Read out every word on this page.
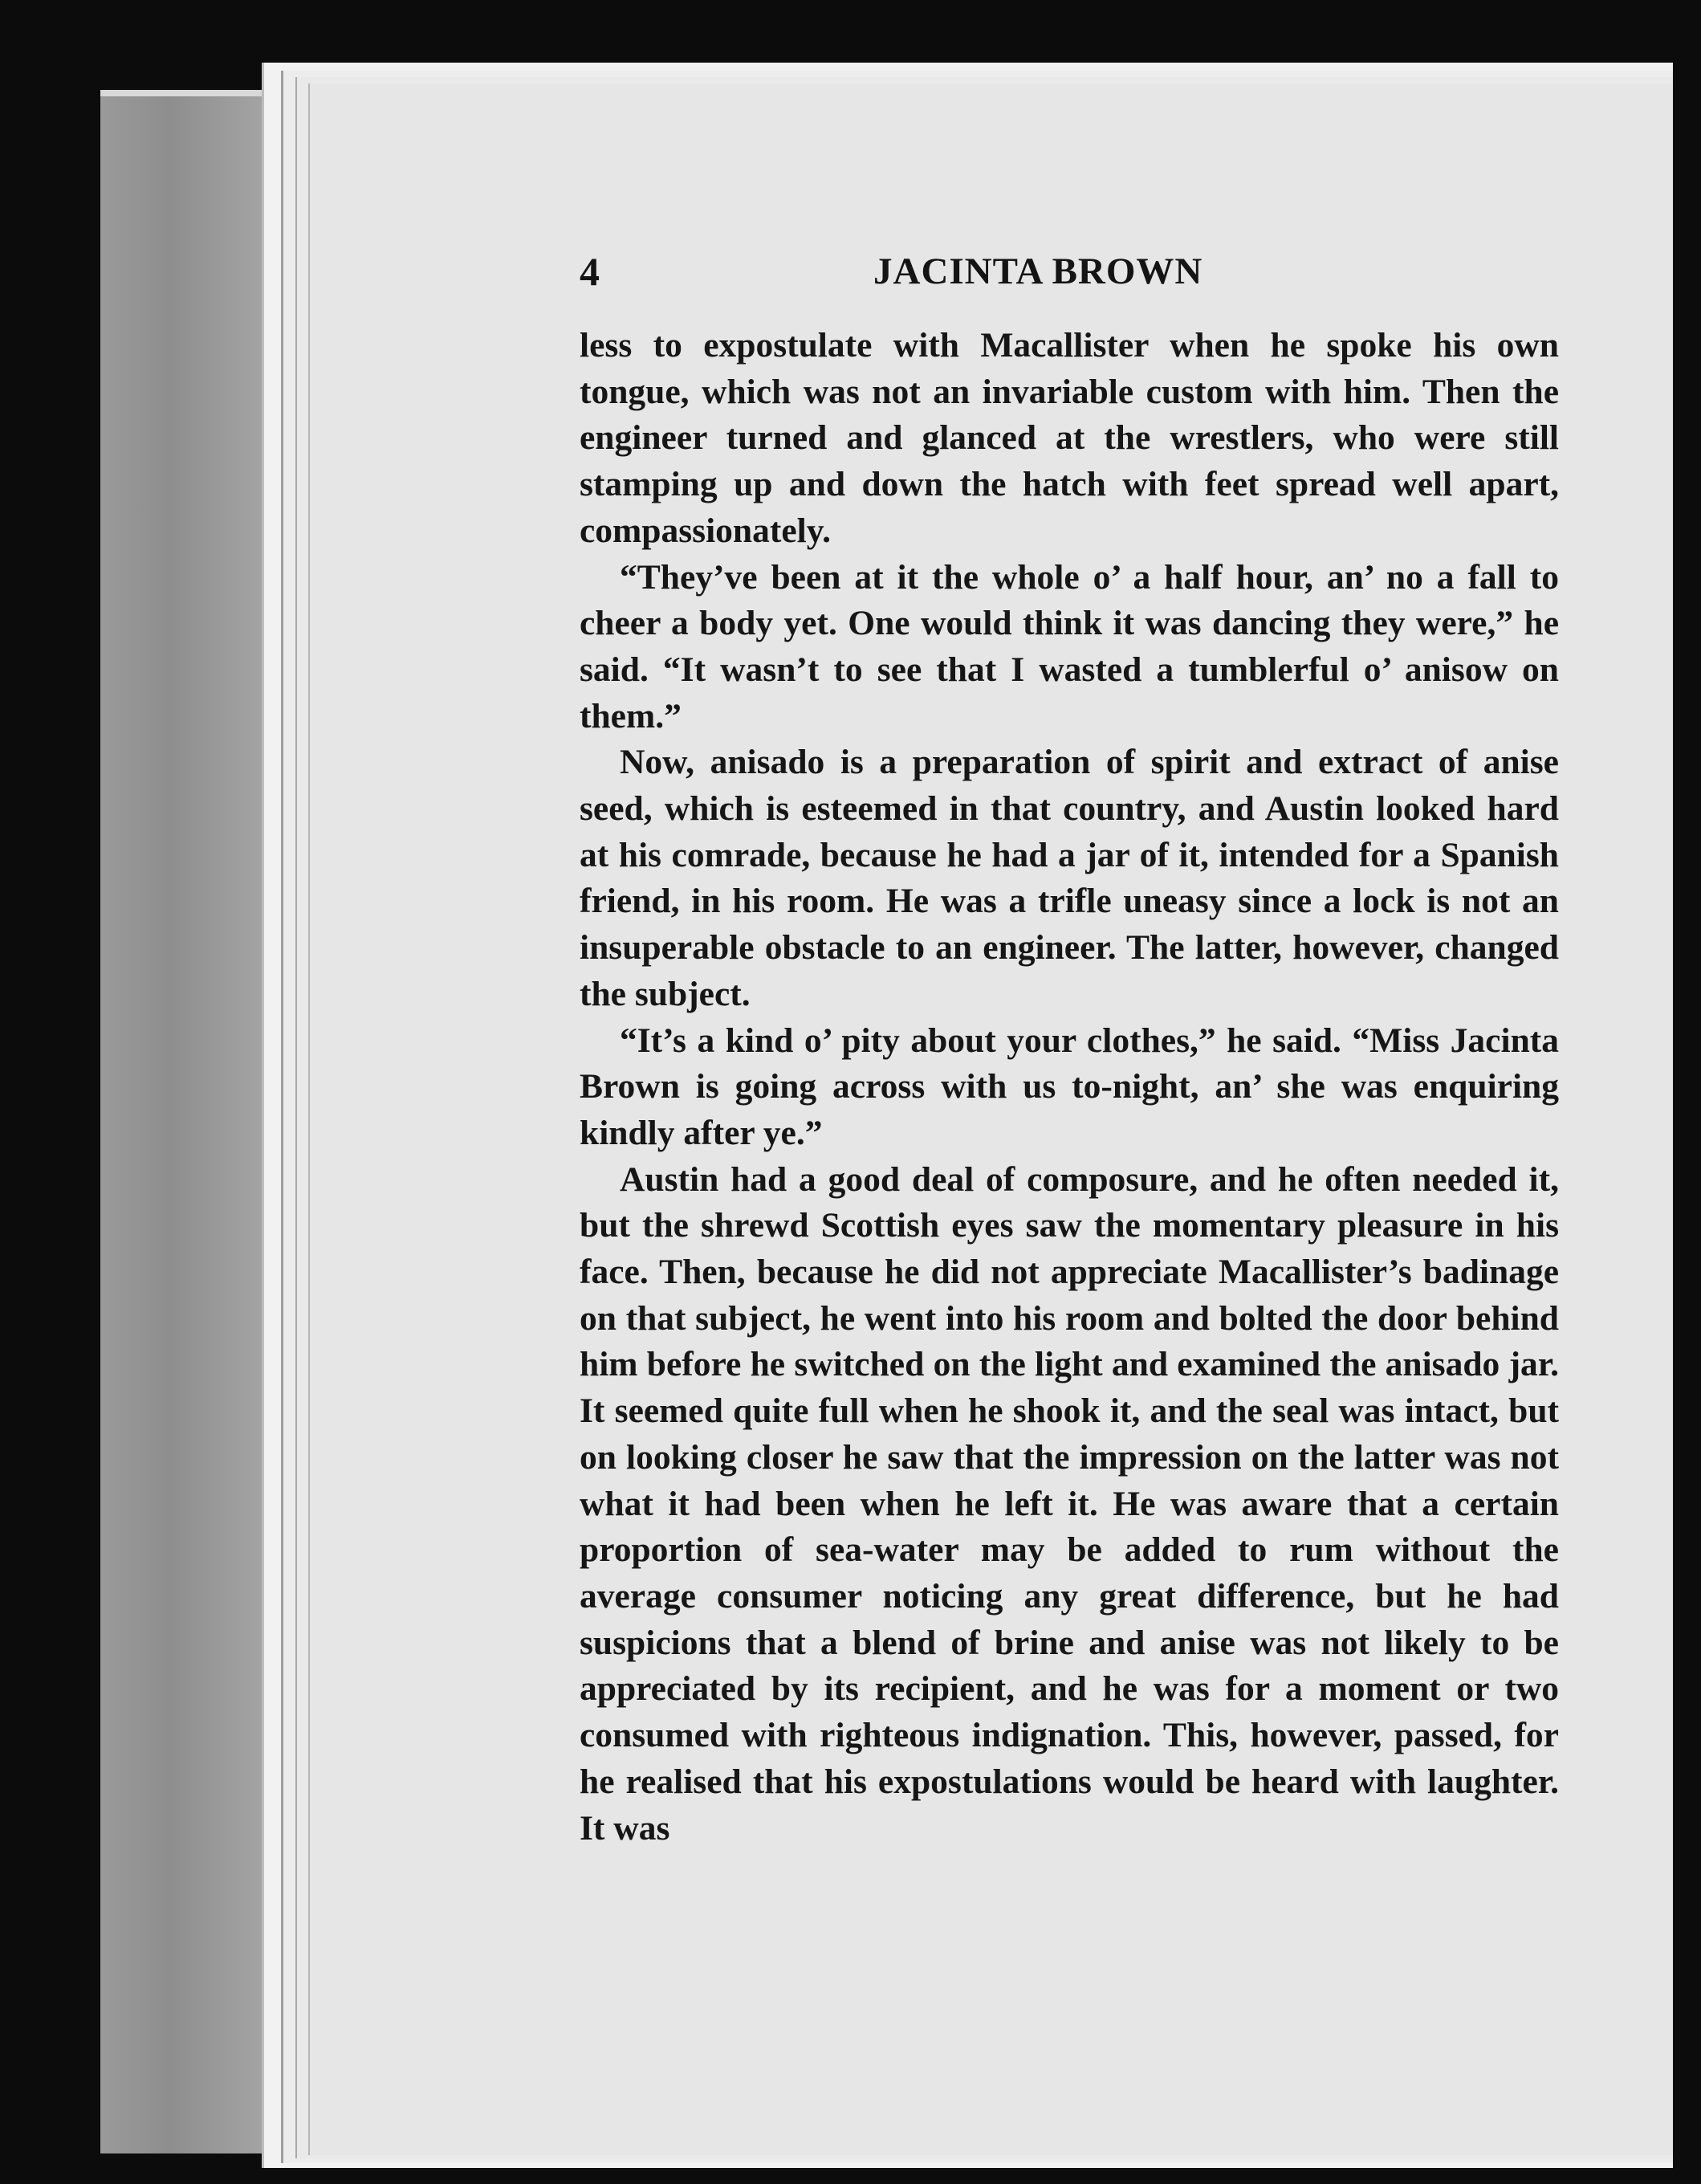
4	JACINTA BROWN

less to expostulate with Macallister when he spoke his own tongue, which was not an invariable custom with him. Then the engineer turned and glanced at the wrestlers, who were still stamping up and down the hatch with feet spread well apart, compassionately.

“They’ve been at it the whole o’ a half hour, an’ no a fall to cheer a body yet. One would think it was dancing they were,” he said. “It wasn’t to see that I wasted a tumblerful o’ anisow on them.”

Now, anisado is a preparation of spirit and extract of anise seed, which is esteemed in that country, and Austin looked hard at his comrade, because he had a jar of it, intended for a Spanish friend, in his room. He was a trifle uneasy since a lock is not an insuperable obstacle to an engineer. The latter, however, changed the subject.

“It’s a kind o’ pity about your clothes,” he said. “Miss Jacinta Brown is going across with us to-night, an’ she was enquiring kindly after ye.”

Austin had a good deal of composure, and he often needed it, but the shrewd Scottish eyes saw the momentary pleasure in his face. Then, because he did not appreciate Macallister’s badinage on that subject, he went into his room and bolted the door behind him before he switched on the light and examined the anisado jar. It seemed quite full when he shook it, and the seal was intact, but on looking closer he saw that the impression on the latter was not what it had been when he left it. He was aware that a certain proportion of sea-water may be added to rum without the average consumer noticing any great difference, but he had suspicions that a blend of brine and anise was not likely to be appreciated by its recipient, and he was for a moment or two consumed with righteous indignation. This, however, passed, for he realised that his expostulations would be heard with laughter. It was
